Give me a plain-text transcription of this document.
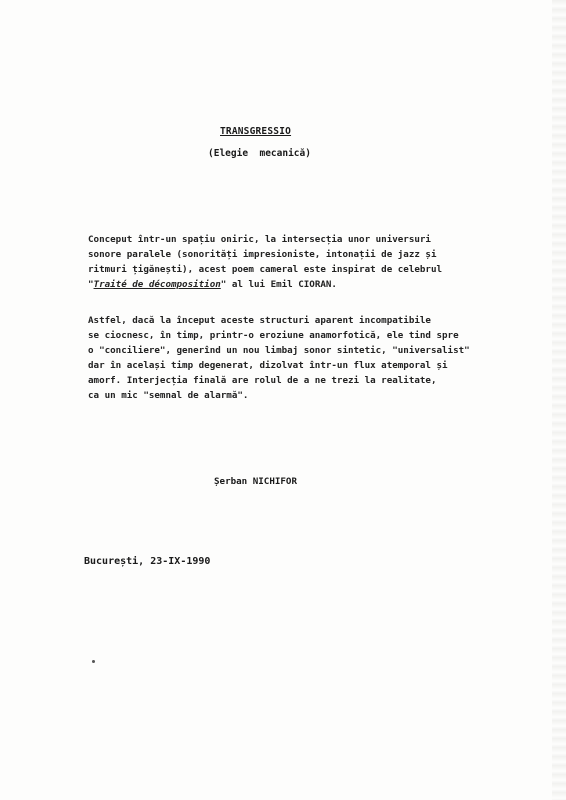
TRANSGRESSIO
(Elegie  mecanică)
Conceput într-un spațiu oniric, la intersecția unor universuri
sonore paralele (sonorități impresioniste, intonații de jazz și
ritmuri țigănești), acest poem cameral este inspirat de celebrul
"Traité de décomposition" al lui Emil CIORAN.
Astfel, dacă la început aceste structuri aparent incompatibile
se ciocnesc, în timp, printr-o eroziune anamorfotică, ele tind spre
o "conciliere", generînd un nou limbaj sonor sintetic, "universalist"
dar în același timp degenerat, dizolvat într-un flux atemporal și
amorf. Interjecția finală are rolul de a ne trezi la realitate,
ca un mic "semnal de alarmă".
Șerban NICHIFOR
București, 23-IX-1990
